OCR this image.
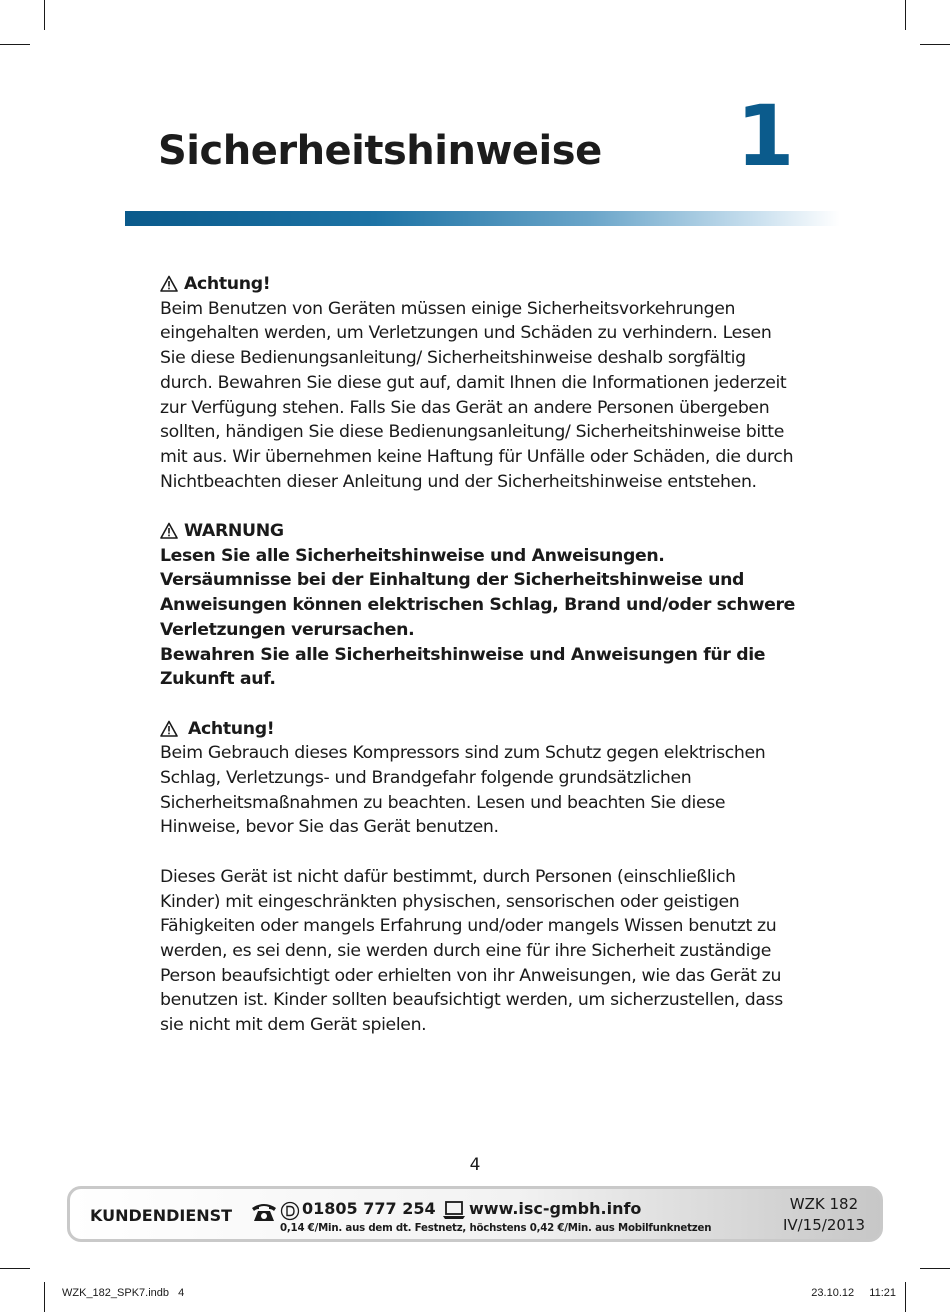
Sicherheitshinweise 1
Achtung!

Beim Benutzen von Geräten müssen einige Sicherheitsvorkehrungen eingehalten werden, um Verletzungen und Schäden zu verhindern. Lesen Sie diese Bedienungsanleitung/ Sicherheitshinweise deshalb sorgfältig durch. Bewahren Sie diese gut auf, damit Ihnen die Informationen jederzeit zur Verfügung stehen. Falls Sie das Gerät an andere Personen übergeben sollten, händigen Sie diese Bedienungsanleitung/ Sicherheitshinweise bitte mit aus. Wir übernehmen keine Haftung für Unfälle oder Schäden, die durch Nichtbeachten dieser Anleitung und der Sicherheitshinweise entstehen.

WARNUNG

Lesen Sie alle Sicherheitshinweise und Anweisungen. Versäumnisse bei der Einhaltung der Sicherheitshinweise und Anweisungen können elektrischen Schlag, Brand und/oder schwere Verletzungen verursachen.

Bewahren Sie alle Sicherheitshinweise und Anweisungen für die Zukunft auf.

Achtung!

Beim Gebrauch dieses Kompressors sind zum Schutz gegen elektrischen Schlag, Verletzungs- und Brandgefahr folgende grundsätzlichen Sicherheitsmaßnahmen zu beachten. Lesen und beachten Sie diese Hinweise, bevor Sie das Gerät benutzen.

Dieses Gerät ist nicht dafür bestimmt, durch Personen (einschließlich Kinder) mit eingeschränkten physischen, sensorischen oder geistigen Fähigkeiten oder mangels Erfahrung und/oder mangels Wissen benutzt zu werden, es sei denn, sie werden durch eine für ihre Sicherheit zuständige Person beaufsichtigt oder erhielten von ihr Anweisungen, wie das Gerät zu benutzen ist. Kinder sollten beaufsichtigt werden, um sicherzustellen, dass sie nicht mit dem Gerät spielen.

4
KUNDENDIENST	01805 777 254 www.isc-gmbh.info
0,14 €/Min. aus dem dt. Festnetz, höchstens 0,42 €/Min. aus Mobilfunknetzen
WZK 182
IV/15/2013
WZK_182_SPK7.indb   4	23.10.12   11:21
